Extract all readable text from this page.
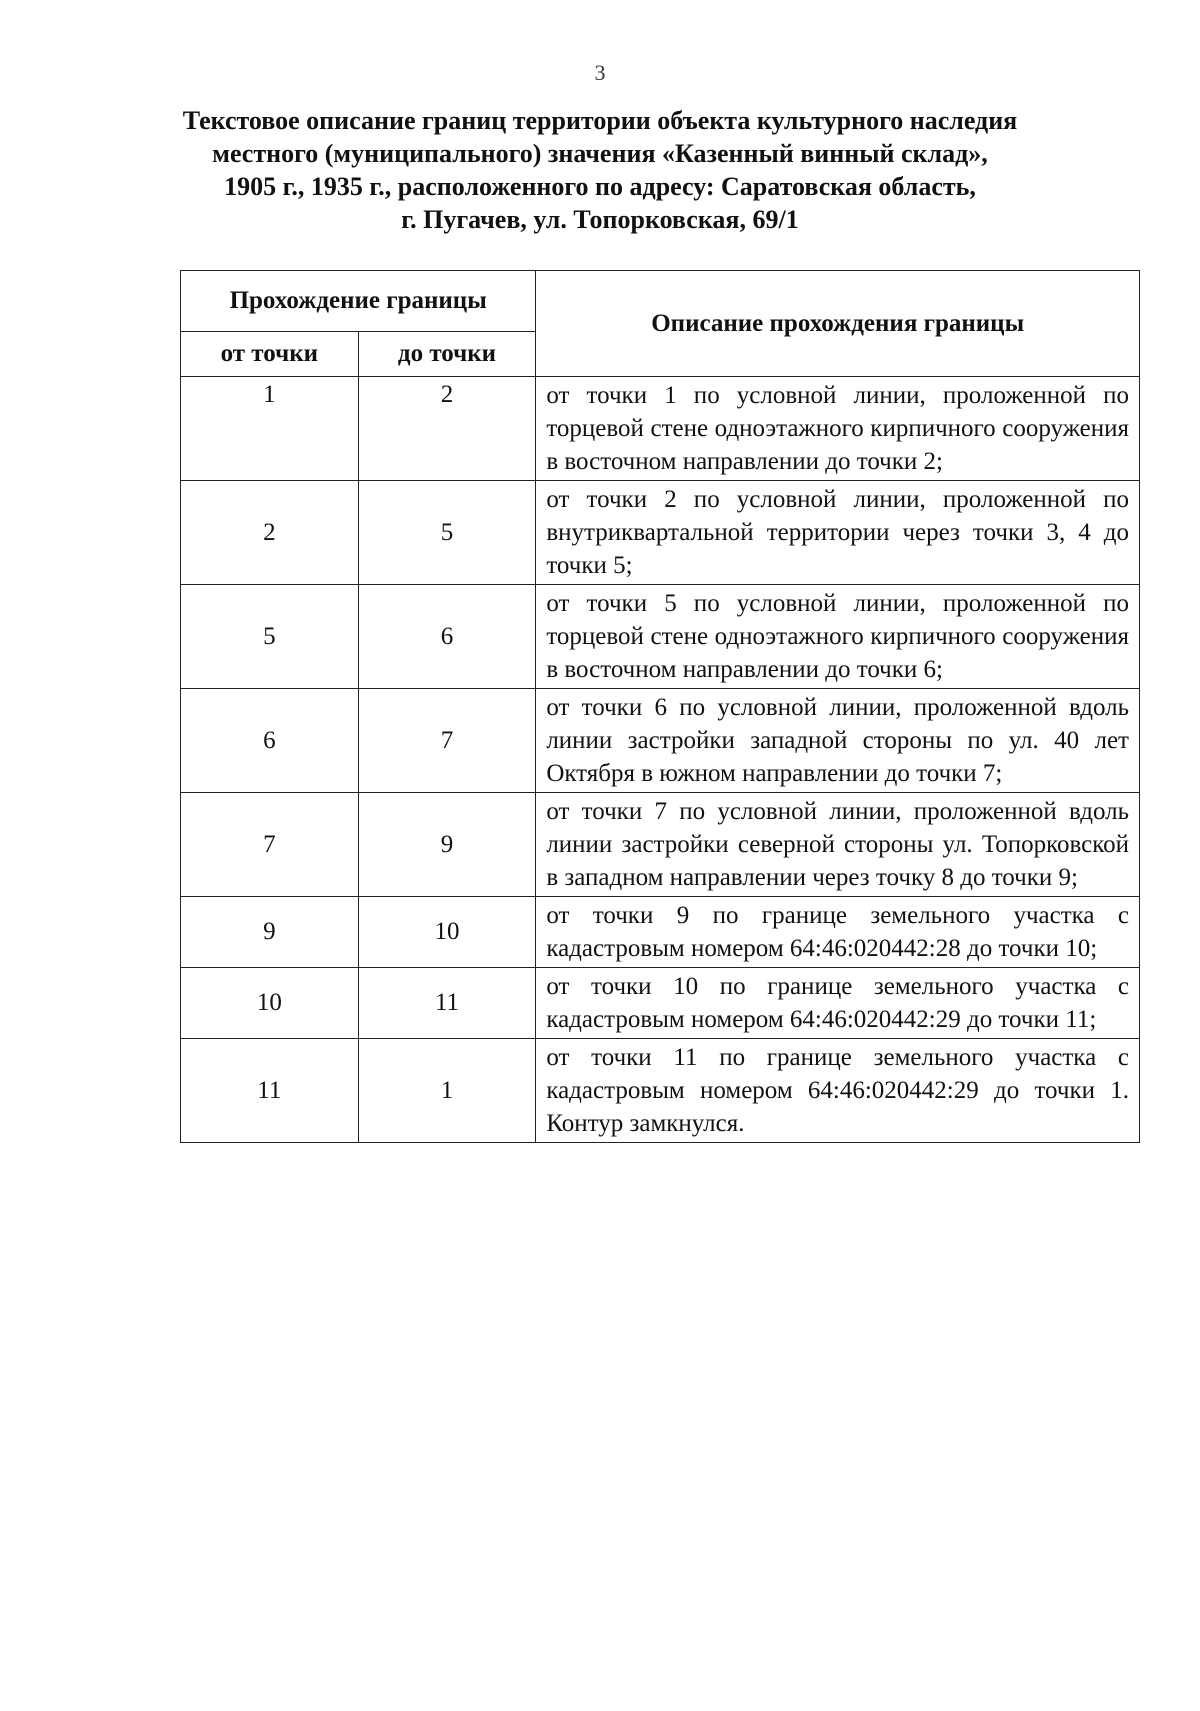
3
Текстовое описание границ территории объекта культурного наследия
местного (муниципального) значения «Казенный винный склад»,
1905 г., 1935 г., расположенного по адресу: Саратовская область,
г. Пугачев, ул. Топорковская, 69/1
Прохождение границы		Описание прохождения границы
от точки	до точки	
1	2	от точки 1 по условной линии, проложенной по торцевой стене одноэтажного кирпичного сооружения в восточном направлении до точки 2;
2	5	от точки 2 по условной линии, проложенной по внутриквартальной территории через точки 3, 4 до точки 5;
5	6	от точки 5 по условной линии, проложенной по торцевой стене одноэтажного кирпичного сооружения в восточном направлении до точки 6;
6	7	от точки 6 по условной линии, проложенной вдоль линии застройки западной стороны по ул. 40 лет Октября в южном направлении до точки 7;
7	9	от точки 7 по условной линии, проложенной вдоль линии застройки северной стороны ул. Топорковской в западном направлении через точку 8 до точки 9;
9	10	от точки 9 по границе земельного участка с кадастровым номером 64:46:020442:28 до точки 10;
10	11	от точки 10 по границе земельного участка с кадастровым номером 64:46:020442:29 до точки 11;
11	1	от точки 11 по границе земельного участка с кадастровым номером 64:46:020442:29 до точки 1. Контур замкнулся.
